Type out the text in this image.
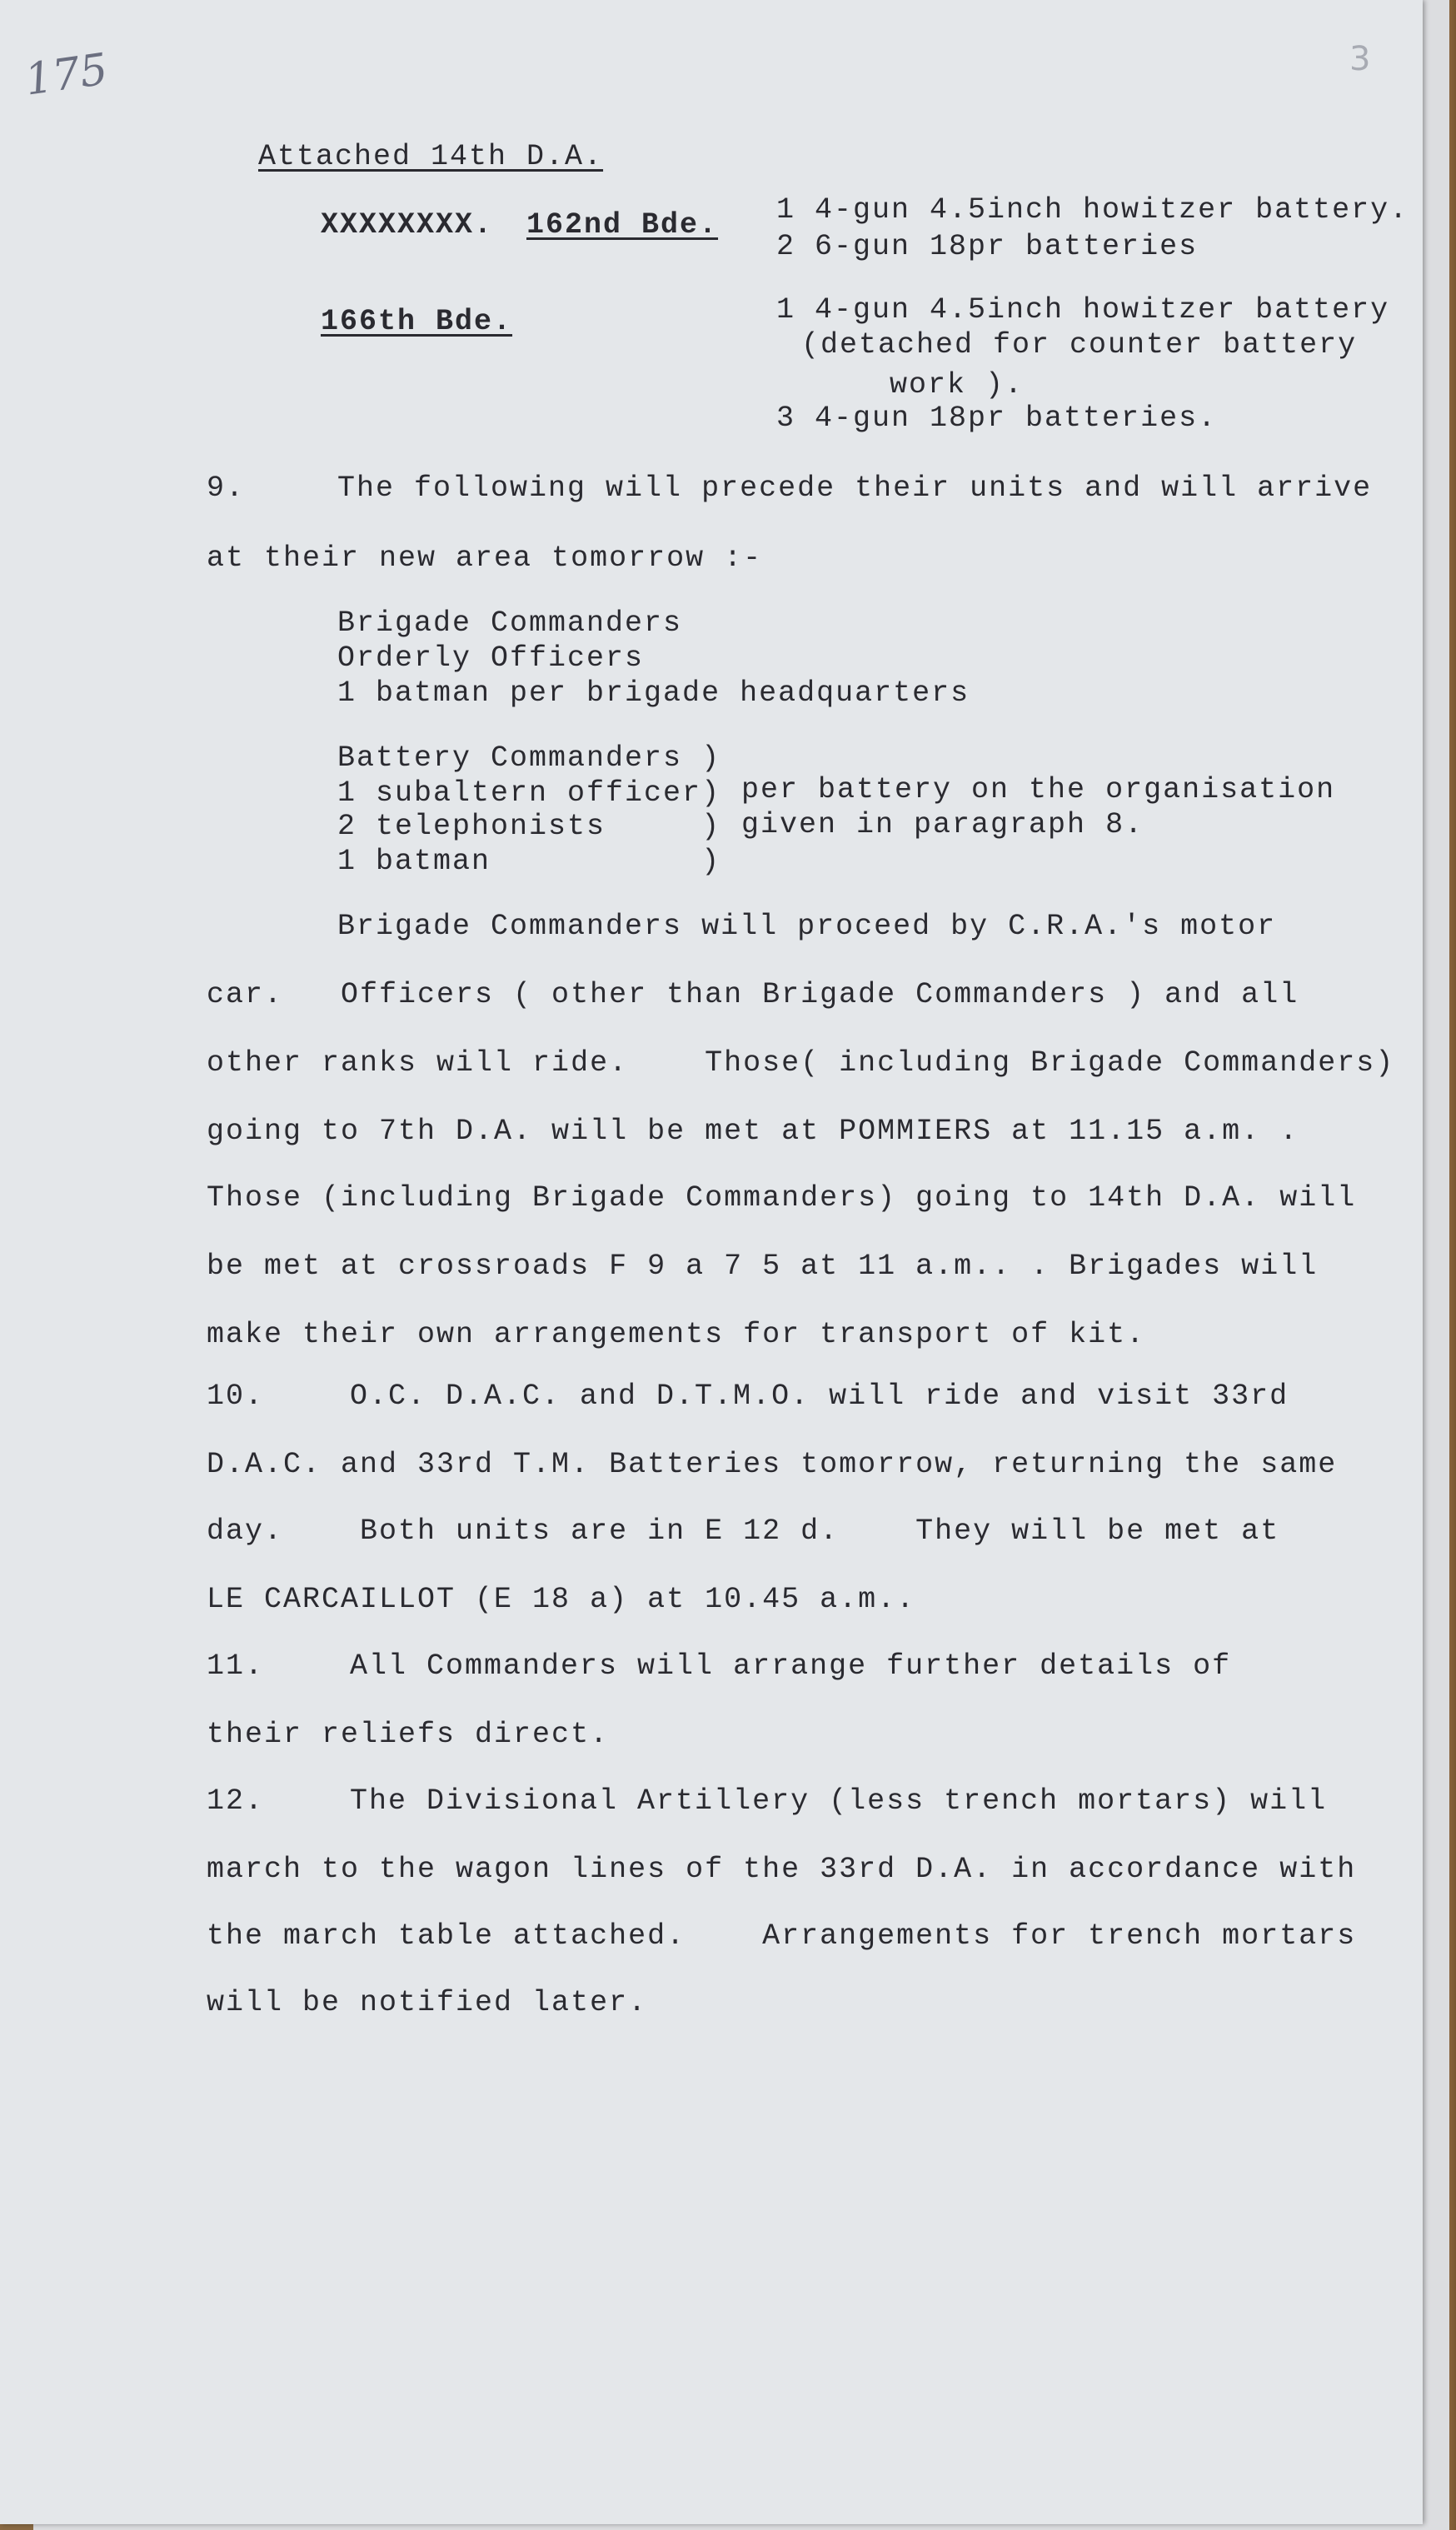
175	3
Attached 14th D.A.
XXXXXXXX. 162nd Bde. 1 4-gun 4.5inch howitzer battery.
2 6-gun 18pr batteries
166th Bde.	1 4-gun 4.5inch howitzer battery
(detached for counter battery
work ).
3 4-gun 18pr batteries.
9.	The following will precede their units and will arrive
at their new area tomorrow :-
Brigade Commanders
Orderly Officers
1 batman per brigade headquarters
Battery Commanders )
1 subaltern officer)
2 telephonists     )
1 batman           )
per battery on the organisation
given in paragraph 8.
Brigade Commanders will proceed by C.R.A.'s motor
car.   Officers ( other than Brigade Commanders ) and all
other ranks will ride.    Those( including Brigade Commanders)
going to 7th D.A. will be met at POMMIERS at 11.15 a.m. .
Those (including Brigade Commanders) going to 14th D.A. will
be met at crossroads F 9 a 7 5 at 11 a.m.. . Brigades will
make their own arrangements for transport of kit.
10.	O.C. D.A.C. and D.T.M.O. will ride and visit 33rd
D.A.C. and 33rd T.M. Batteries tomorrow, returning the same
day.    Both units are in E 12 d.    They will be met at
LE CARCAILLOT (E 18 a) at 10.45 a.m..
11.	All Commanders will arrange further details of
their reliefs direct.
12.	The Divisional Artillery (less trench mortars) will
march to the wagon lines of the 33rd D.A. in accordance with
the march table attached.    Arrangements for trench mortars
will be notified later.
